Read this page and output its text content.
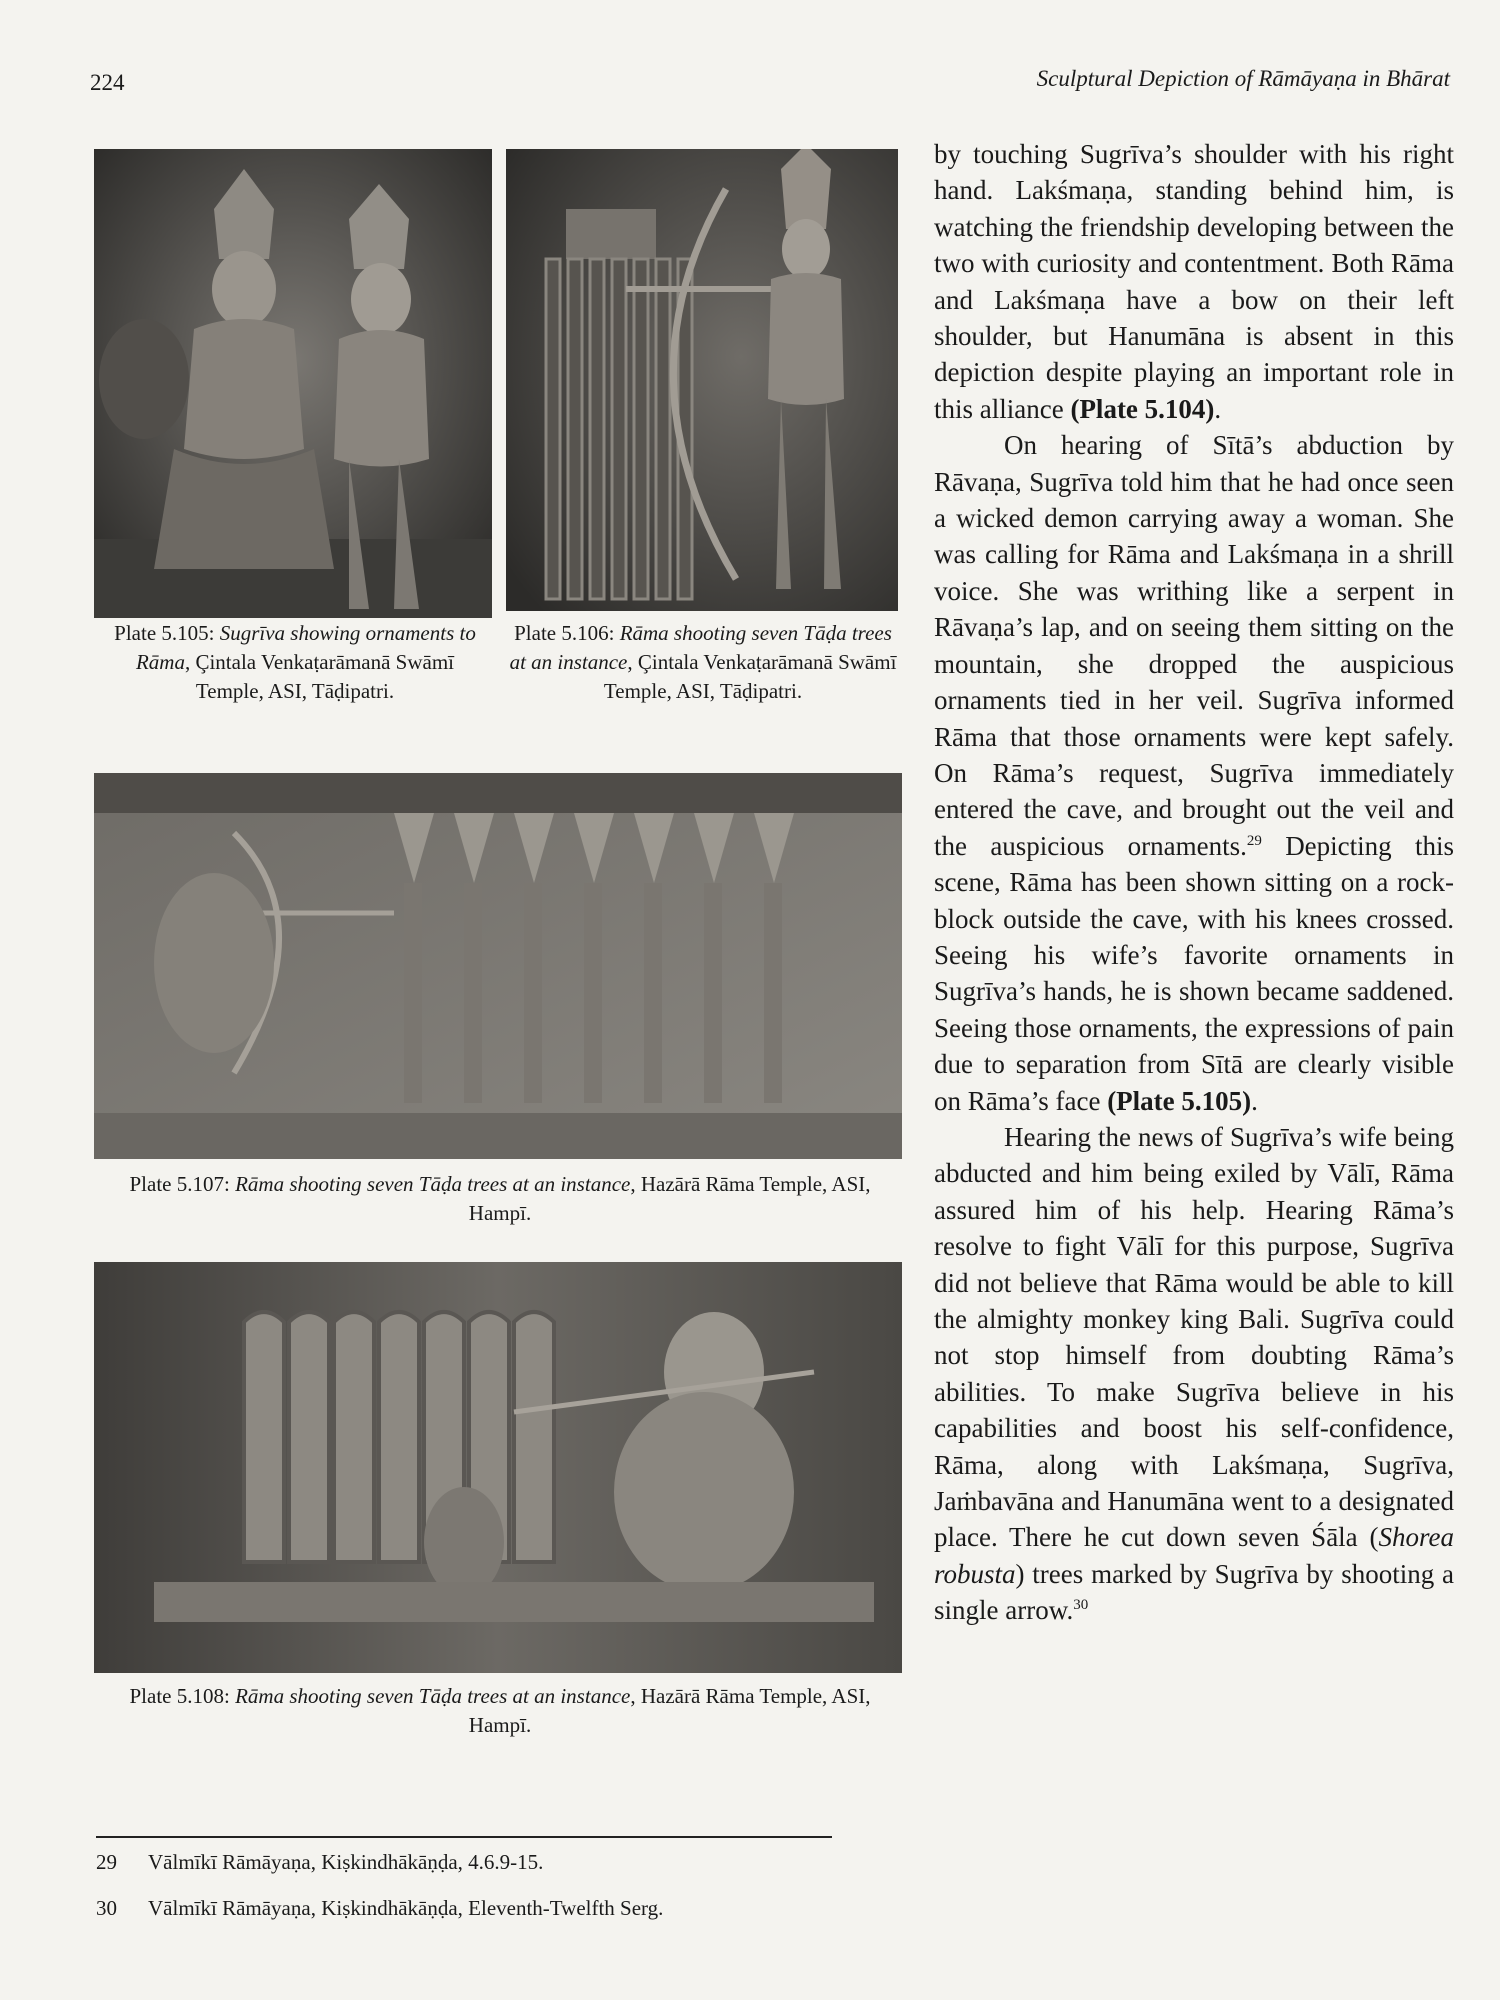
224	Sculptural Depiction of Rāmāyaṇa in Bhārat
Plate 5.105: Sugrīva showing ornaments to Rāma, Çintala Venkaṭarāmanā Swāmī Temple, ASI, Tāḍipatri.
Plate 5.106: Rāma shooting seven Tāḍa trees at an instance, Çintala Venkaṭarāmanā Swāmī Temple, ASI, Tāḍipatri.
Plate 5.107: Rāma shooting seven Tāḍa trees at an instance, Hazārā Rāma Temple, ASI, Hampī.
Plate 5.108: Rāma shooting seven Tāḍa trees at an instance, Hazārā Rāma Temple, ASI, Hampī.

by touching Sugrīva’s shoulder with his right hand. Lakśmaṇa, standing behind him, is watching the friendship developing between the two with curiosity and contentment. Both Rāma and Lakśmaṇa have a bow on their left shoulder, but Hanumāna is absent in this depiction despite playing an important role in this alliance (Plate 5.104).

On hearing of Sītā’s abduction by Rāvaṇa, Sugrīva told him that he had once seen a wicked demon carrying away a woman. She was calling for Rāma and Lakśmaṇa in a shrill voice. She was writhing like a serpent in Rāvaṇa’s lap, and on seeing them sitting on the mountain, she dropped the auspicious ornaments tied in her veil. Sugrīva informed Rāma that those ornaments were kept safely. On Rāma’s request, Sugrīva immediately entered the cave, and brought out the veil and the auspicious ornaments.$^{29}$ Depicting this scene, Rāma has been shown sitting on a rock-block outside the cave, with his knees crossed. Seeing his wife’s favorite ornaments in Sugrīva’s hands, he is shown became saddened. Seeing those ornaments, the expressions of pain due to separation from Sītā are clearly visible on Rāma’s face (Plate 5.105).

Hearing the news of Sugrīva’s wife being abducted and him being exiled by Vālī, Rāma assured him of his help. Hearing Rāma’s resolve to fight Vālī for this purpose, Sugrīva did not believe that Rāma would be able to kill the almighty monkey king Bali. Sugrīva could not stop himself from doubting Rāma’s abilities. To make Sugrīva believe in his capabilities and boost his self-confidence, Rāma, along with Lakśmaṇa, Sugrīva, Jaṁbavāna and Hanumāna went to a designated place. There he cut down seven Śāla (Shorea robusta) trees marked by Sugrīva by shooting a single arrow.$^{30}$

29 Vālmīkī Rāmāyaṇa, Kiṣkindhākāṇḍa, 4.6.9-15.
30 Vālmīkī Rāmāyaṇa, Kiṣkindhākāṇḍa, Eleventh-Twelfth Serg.
